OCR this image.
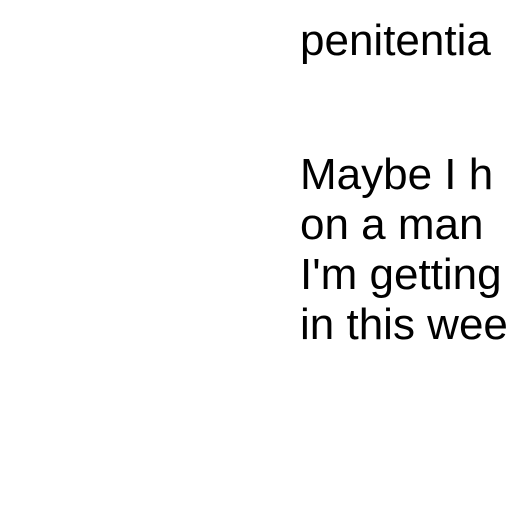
penitentia
Maybe I h
on a man
I'm getting
in this wee
